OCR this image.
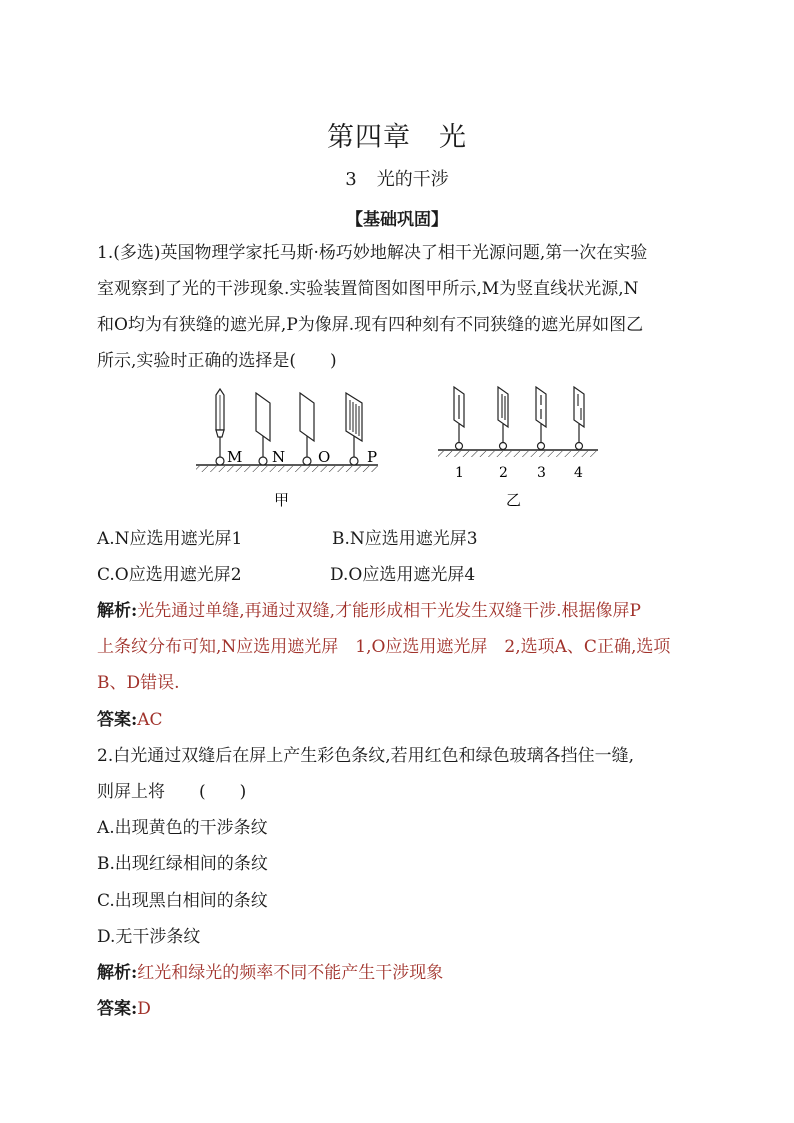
第四章　光
3 光的干涉
【基础巩固】
1.(多选)英国物理学家托马斯·杨巧妙地解决了相干光源问题,第一次在实验
室观察到了光的干涉现象.实验装置简图如图甲所示,M为竖直线状光源,N
和O均为有狭缝的遮光屏,P为像屏.现有四种刻有不同狭缝的遮光屏如图乙
所示,实验时正确的选择是(　　)
M N O P
甲
1	2 3 4
乙
A.N应选用遮光屏1	B.N应选用遮光屏3
C.O应选用遮光屏2	D.O应选用遮光屏4
解析:光先通过单缝,再通过双缝,才能形成相干光发生双缝干涉.根据像屏P
上条纹分布可知,N应选用遮光屏　1,O应选用遮光屏　2,选项A、C正确,选项
B、D错误.
答案:AC
2.白光通过双缝后在屏上产生彩色条纹,若用红色和绿色玻璃各挡住一缝,
则屏上将　　(　　)
A.出现黄色的干涉条纹
B.出现红绿相间的条纹
C.出现黑白相间的条纹
D.无干涉条纹
解析:红光和绿光的频率不同不能产生干涉现象
答案:D
